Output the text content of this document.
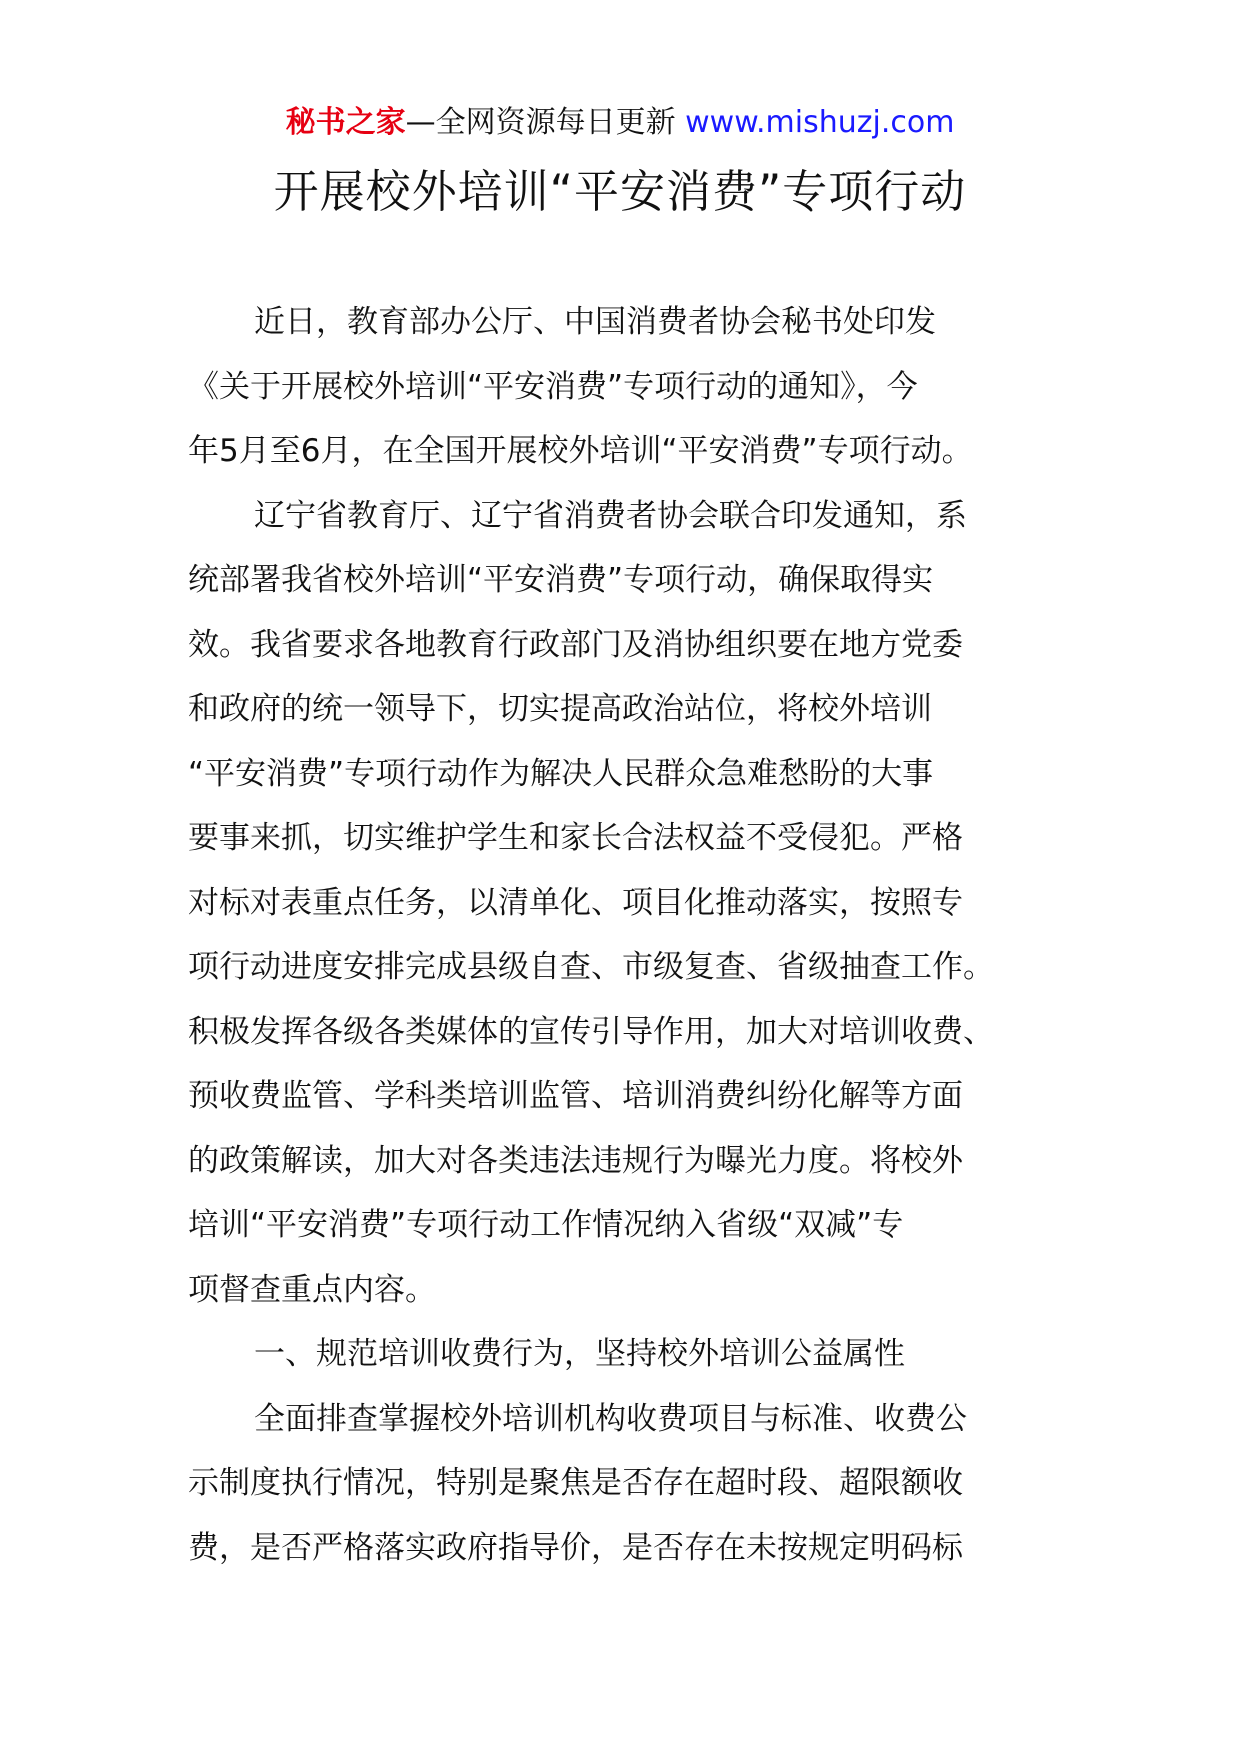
秘书之家—全网资源每日更新 www.mishuzj.com
开展校外培训“平安消费”专项行动
近日，教育部办公厅、中国消费者协会秘书处印发
《关于开展校外培训“平安消费”专项行动的通知》，今
年5月至6月，在全国开展校外培训“平安消费”专项行动。
辽宁省教育厅、辽宁省消费者协会联合印发通知，系
统部署我省校外培训“平安消费”专项行动，确保取得实
效。我省要求各地教育行政部门及消协组织要在地方党委
和政府的统一领导下，切实提高政治站位，将校外培训
“平安消费”专项行动作为解决人民群众急难愁盼的大事
要事来抓，切实维护学生和家长合法权益不受侵犯。严格
对标对表重点任务，以清单化、项目化推动落实，按照专
项行动进度安排完成县级自查、市级复查、省级抽查工作。
积极发挥各级各类媒体的宣传引导作用，加大对培训收费、
预收费监管、学科类培训监管、培训消费纠纷化解等方面
的政策解读，加大对各类违法违规行为曝光力度。将校外
培训“平安消费”专项行动工作情况纳入省级“双减”专
项督查重点内容。
一、规范培训收费行为，坚持校外培训公益属性
全面排查掌握校外培训机构收费项目与标准、收费公
示制度执行情况，特别是聚焦是否存在超时段、超限额收
费，是否严格落实政府指导价，是否存在未按规定明码标
